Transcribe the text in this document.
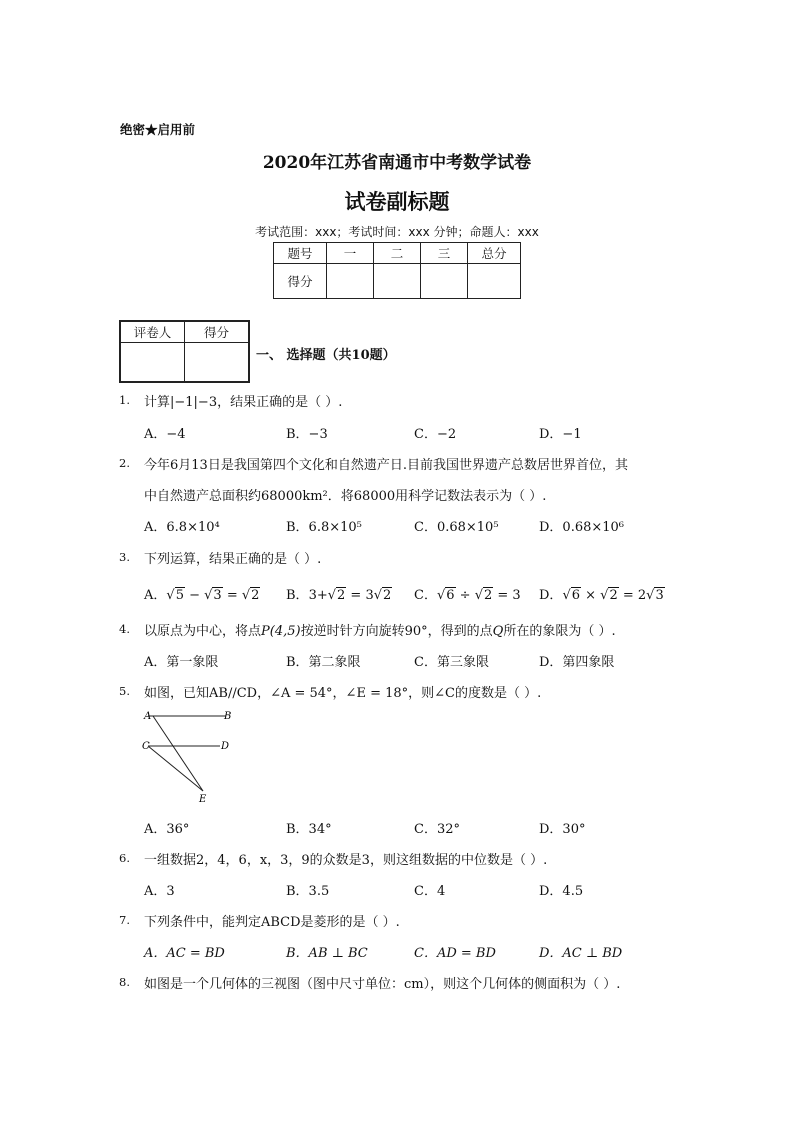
绝密★启用前
2020年江苏省南通市中考数学试卷
试卷副标题
考试范围：xxx；考试时间：xxx 分钟；命题人：xxx
题号	一	二	三	总分
得分				
评卷人	得分

一、 选择题（共10题）
1. 计算|−1|−3，结果正确的是（ ）.
A．−4	B．−3	C．−2	D．−1
2. 今年6月13日是我国第四个文化和自然遗产日.目前我国世界遗产总数居世界首位，其
中自然遗产总面积约68000km²．将68000用科学记数法表示为（ ）.
A．6.8×10⁴	B．6.8×10⁵	C．0.68×10⁵	D．0.68×10⁶
3. 下列运算，结果正确的是（ ）.
A．√5 − √3 = √2 B．3+√2 = 3√2 C．√6 ÷ √2 = 3 D．√6 × √2 = 2√3
4. 以原点为中心，将点P(4,5)按逆时针方向旋转90°，得到的点Q所在的象限为（ ）.
A．第一象限	B．第二象限	C．第三象限	D．第四象限
5. 如图，已知AB//CD，∠A = 54°，∠E = 18°，则∠C的度数是（ ）.
A	B
C	D
E
A．36°	B．34°	C．32°	D．30°
6. 一组数据2，4，6，x，3，9的众数是3，则这组数据的中位数是（ ）.
A．3	B．3.5	C．4	D．4.5
7. 下列条件中，能判定ABCD是菱形的是（ ）.
A．AC = BD	B．AB ⊥ BC	C．AD = BD	D．AC ⊥ BD
8. 如图是一个几何体的三视图（图中尺寸单位：cm），则这个几何体的侧面积为（ ）.
